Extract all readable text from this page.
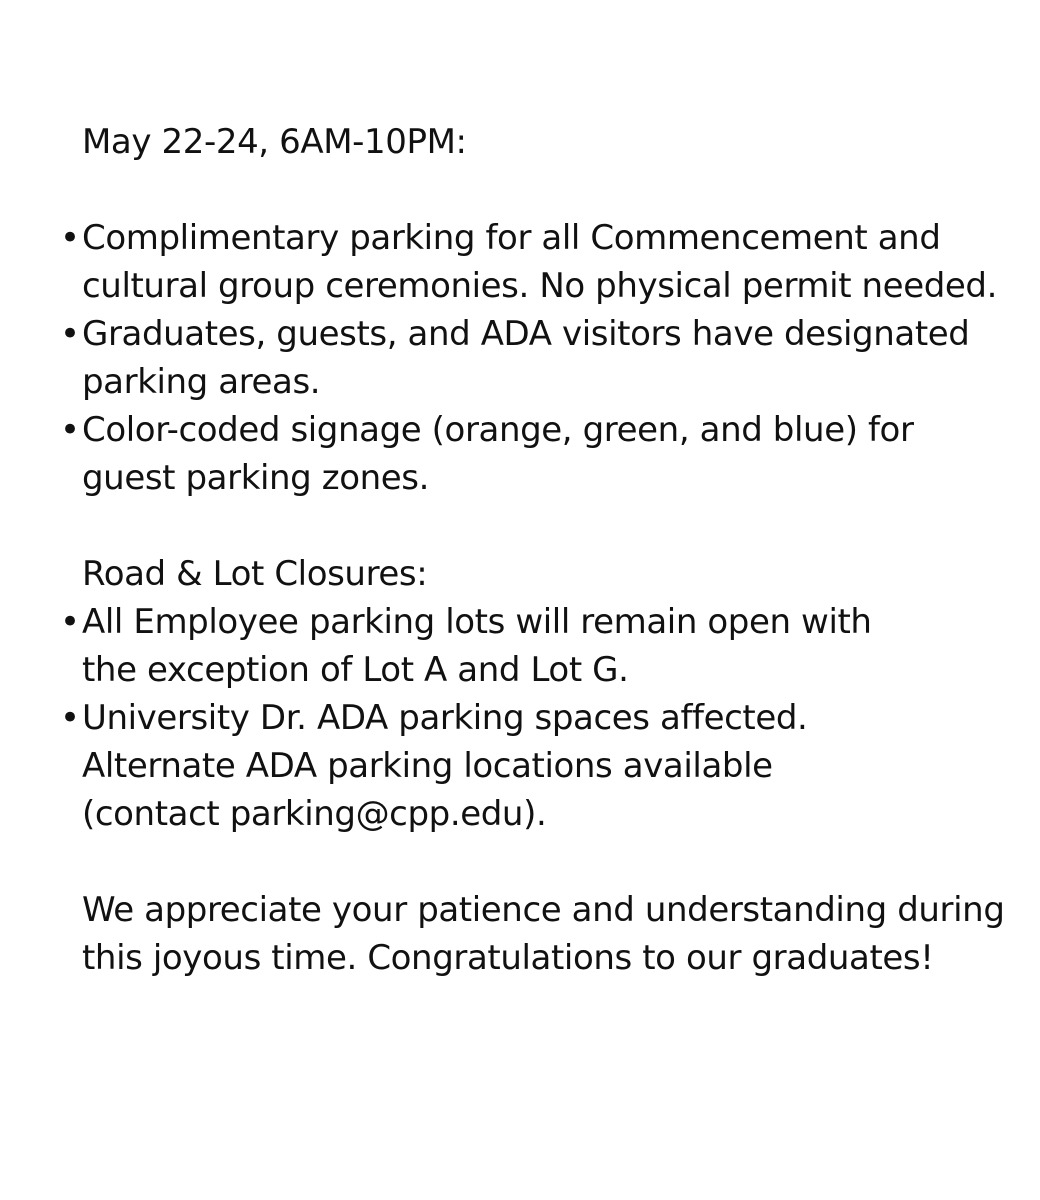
May 22-24, 6AM-10PM:
• Complimentary parking for all Commencement and
cultural group ceremonies. No physical permit needed.
• Graduates, guests, and ADA visitors have designated
parking areas.
• Color-coded signage (orange, green, and blue) for
guest parking zones.
Road & Lot Closures:
• All Employee parking lots will remain open with
the exception of Lot A and Lot G.
• University Dr. ADA parking spaces affected.
Alternate ADA parking locations available
(contact parking@cpp.edu).
We appreciate your patience and understanding during
this joyous time. Congratulations to our graduates!
